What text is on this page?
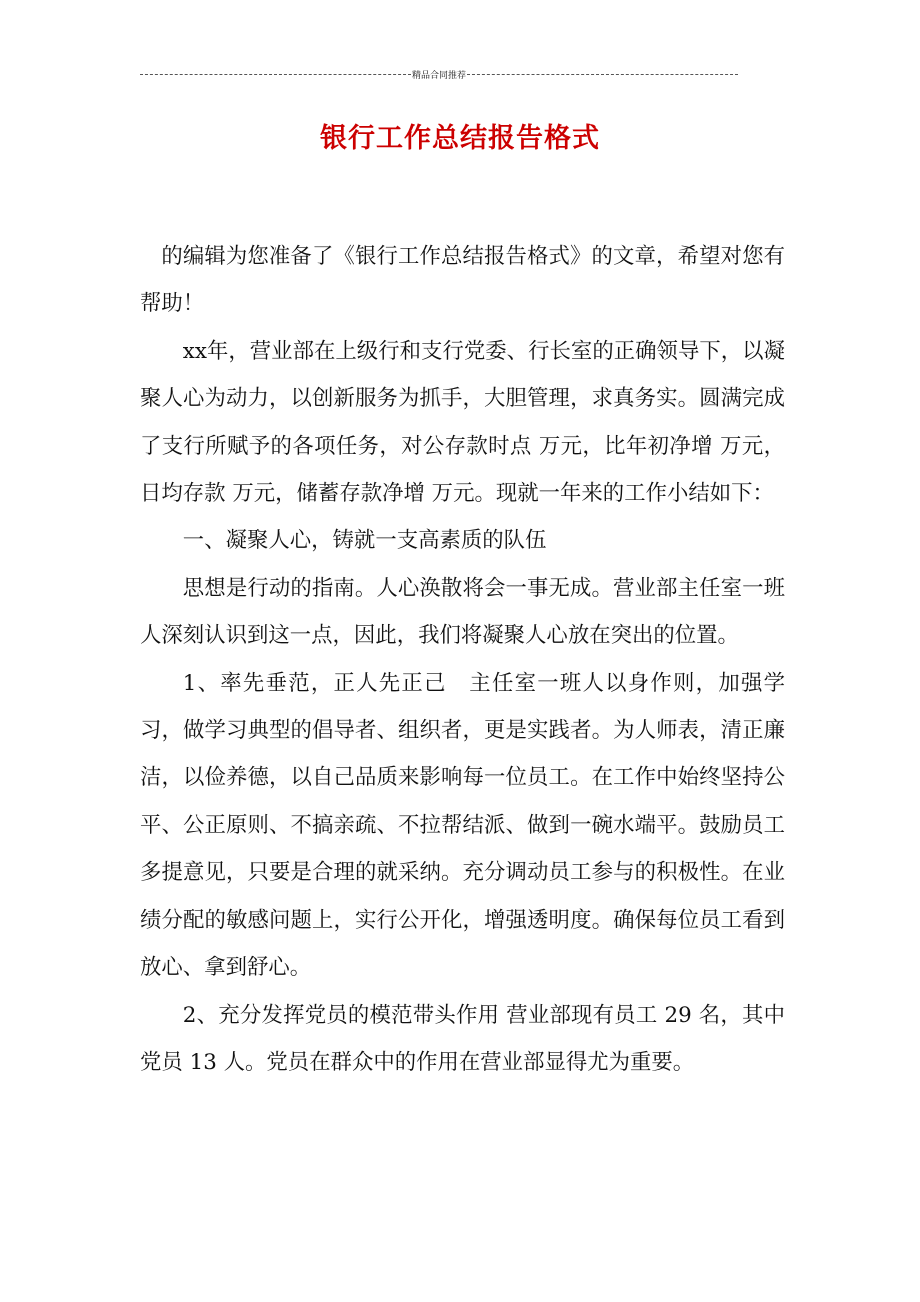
精品合同推荐
银行工作总结报告格式

的编辑为您准备了《银行工作总结报告格式》的文章，希望对您有帮助！

xx年，营业部在上级行和支行党委、行长室的正确领导下，以凝聚人心为动力，以创新服务为抓手，大胆管理，求真务实。圆满完成了支行所赋予的各项任务，对公存款时点 万元，比年初净增 万元，日均存款 万元，储蓄存款净增 万元。现就一年来的工作小结如下：

一、凝聚人心，铸就一支高素质的队伍

思想是行动的指南。人心涣散将会一事无成。营业部主任室一班人深刻认识到这一点，因此，我们将凝聚人心放在突出的位置。

1、率先垂范，正人先正己　主任室一班人以身作则，加强学习，做学习典型的倡导者、组织者，更是实践者。为人师表，清正廉洁，以俭养德，以自己品质来影响每一位员工。在工作中始终坚持公平、公正原则、不搞亲疏、不拉帮结派、做到一碗水端平。鼓励员工多提意见，只要是合理的就采纳。充分调动员工参与的积极性。在业绩分配的敏感问题上，实行公开化，增强透明度。确保每位员工看到放心、拿到舒心。

2、充分发挥党员的模范带头作用 营业部现有员工 29 名，其中党员 13 人。党员在群众中的作用在营业部显得尤为重要。
